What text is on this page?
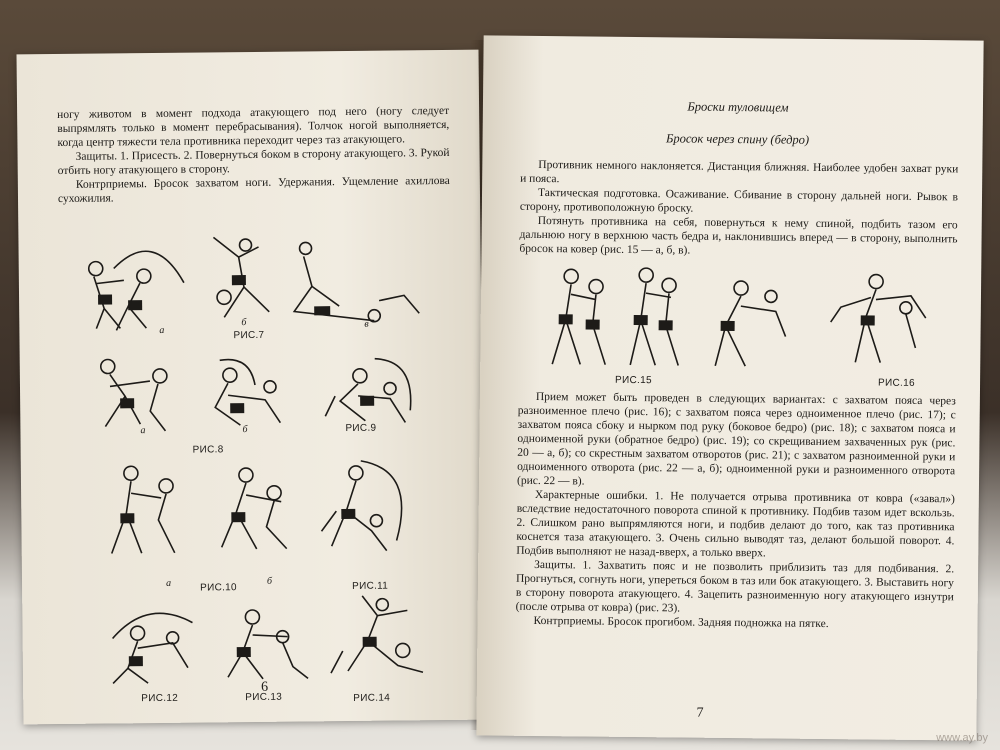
ногу животом в момент подхода атакующего под него (ногу следует выпрямлять только в момент перебрасывания). Толчок ногой выполняется, когда центр тяжести тела противника переходит через таз атакующего.

Защиты. 1. Присесть. 2. Повернуться боком в сторону атакующего. 3. Рукой отбить ногу атакующего в сторону.

Контрприемы. Бросок захватом ноги. Удержания. Ущемление ахиллова сухожилия.

а	РИС.7
б	в
а	б
РИС.8
РИС.9
а	РИС.10
б	РИС.11
РИС.12	РИС.13	РИС.14
6
Броски туловищем
Бросок через спину (бедро)

Противник немного наклоняется. Дистанция ближняя. Наиболее удобен захват руки и пояса.

Тактическая подготовка. Осаживание. Сбивание в сторону дальней ноги. Рывок в сторону, противоположную броску.

Потянуть противника на себя, повернуться к нему спиной, подбить тазом его дальнюю ногу в верхнюю часть бедра и, наклонившись вперед — в сторону, выполнить бросок на ковер (рис. 15 — а, б, в).

РИС.15	РИС.16

Прием может быть проведен в следующих вариантах: с захватом пояса через разноименное плечо (рис. 16); с захватом пояса через одноименное плечо (рис. 17); с захватом пояса сбоку и нырком под руку (боковое бедро) (рис. 18); с захватом пояса и одноименной руки (обратное бедро) (рис. 19); со скрещиванием захваченных рук (рис. 20 — а, б); со скрестным захватом отворотов (рис. 21); с захватом разноименной руки и одноименного отворота (рис. 22 — а, б); одноименной руки и разноименного отворота (рис. 22 — в).

Характерные ошибки. 1. Не получается отрыва противника от ковра («завал») вследствие недостаточного поворота спиной к противнику. Подбив тазом идет вскользь. 2. Слишком рано выпрямляются ноги, и подбив делают до того, как таз противника коснется таза атакующего. 3. Очень сильно выводят таз, делают большой поворот. 4. Подбив выполняют не назад-вверх, а только вверх.

Защиты. 1. Захватить пояс и не позволить приблизить таз для подбивания. 2. Прогнуться, согнуть ноги, упереться боком в таз или бок атакующего. 3. Выставить ногу в сторону поворота атакующего. 4. Зацепить разноименную ногу атакующего изнутри (после отрыва от ковра) (рис. 23).

Контрприемы. Бросок прогибом. Задняя подножка на пятке.

7
www.ay.by
